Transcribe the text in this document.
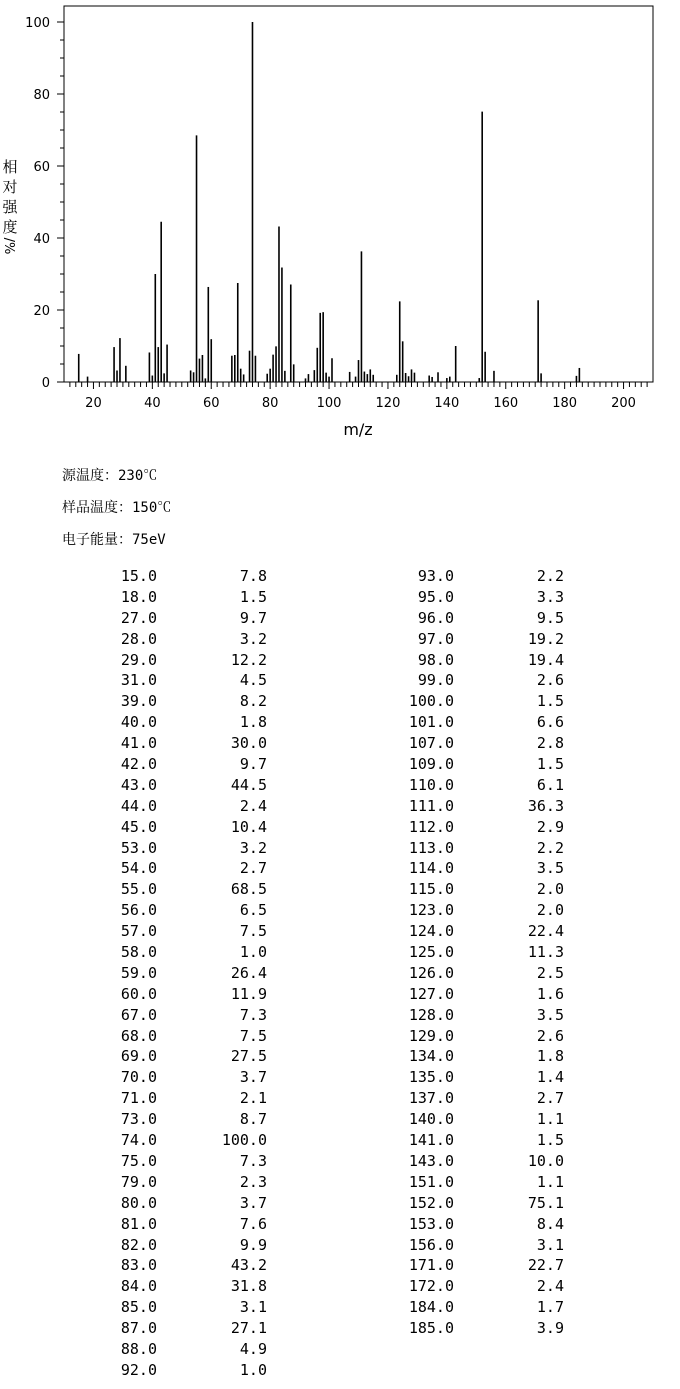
20	40	60	80	100	120	140	160	180	200
0
20
40
60
80
100
m/z
相
对
强
度
/%
源温度：230℃
样品温度：150℃
电子能量：75eV
15.0	7.8
18.0	1.5
27.0	9.7
28.0	3.2
29.0	12.2
31.0	4.5
39.0	8.2
40.0	1.8
41.0	30.0
42.0	9.7
43.0	44.5
44.0	2.4
45.0	10.4
53.0	3.2
54.0	2.7
55.0	68.5
56.0	6.5
57.0	7.5
58.0	1.0
59.0	26.4
60.0	11.9
67.0	7.3
68.0	7.5
69.0	27.5
70.0	3.7
71.0	2.1
73.0	8.7
74.0	100.0
75.0	7.3
79.0	2.3
80.0	3.7
81.0	7.6
82.0	9.9
83.0	43.2
84.0	31.8
85.0	3.1
87.0	27.1
88.0	4.9
92.0	1.0
93.0	2.2
95.0	3.3
96.0	9.5
97.0	19.2
98.0	19.4
99.0	2.6
100.0	1.5
101.0	6.6
107.0	2.8
109.0	1.5
110.0	6.1
111.0	36.3
112.0	2.9
113.0	2.2
114.0	3.5
115.0	2.0
123.0	2.0
124.0	22.4
125.0	11.3
126.0	2.5
127.0	1.6
128.0	3.5
129.0	2.6
134.0	1.8
135.0	1.4
137.0	2.7
140.0	1.1
141.0	1.5
143.0	10.0
151.0	1.1
152.0	75.1
153.0	8.4
156.0	3.1
171.0	22.7
172.0	2.4
184.0	1.7
185.0	3.9
